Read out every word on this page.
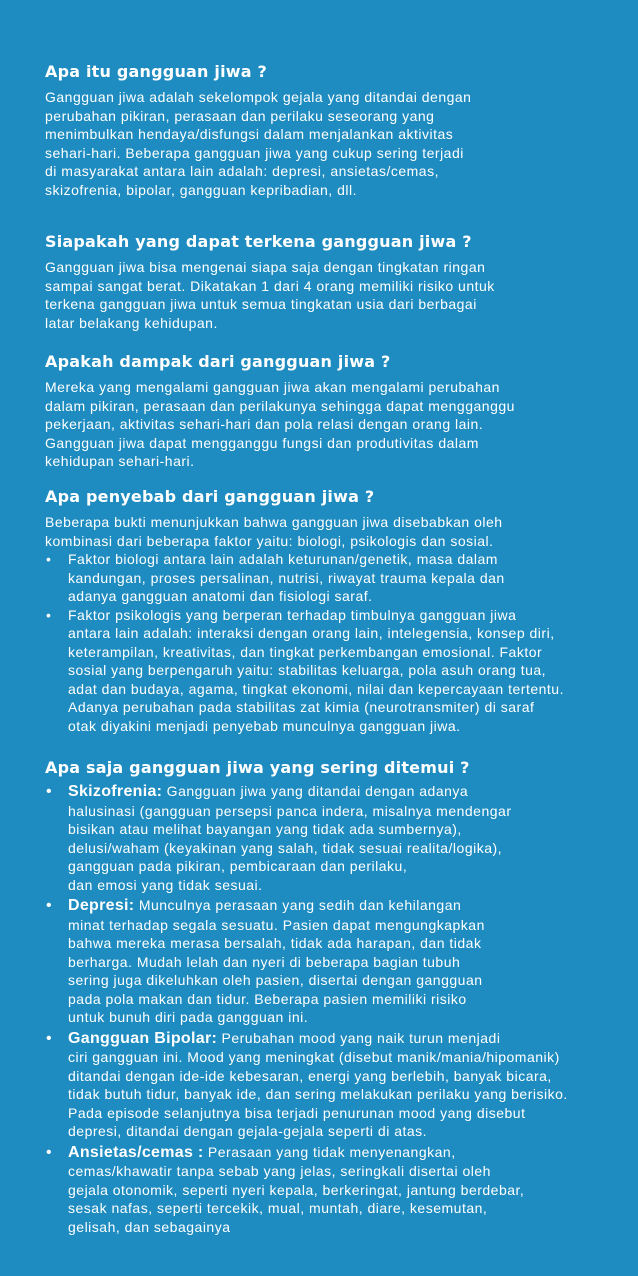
Apa itu gangguan jiwa ?

Gangguan jiwa adalah sekelompok gejala yang ditandai dengan
perubahan pikiran, perasaan dan perilaku seseorang yang
menimbulkan hendaya/disfungsi dalam menjalankan aktivitas
sehari-hari. Beberapa gangguan jiwa yang cukup sering terjadi
di masyarakat antara lain adalah: depresi, ansietas/cemas,
skizofrenia, bipolar, gangguan kepribadian, dll.

Siapakah yang dapat terkena gangguan jiwa ?

Gangguan jiwa bisa mengenai siapa saja dengan tingkatan ringan
sampai sangat berat. Dikatakan 1 dari 4 orang memiliki risiko untuk
terkena gangguan jiwa untuk semua tingkatan usia dari berbagai
latar belakang kehidupan.

Apakah dampak dari gangguan jiwa ?

Mereka yang mengalami gangguan jiwa akan mengalami perubahan
dalam pikiran, perasaan dan perilakunya sehingga dapat mengganggu
pekerjaan, aktivitas sehari-hari dan pola relasi dengan orang lain.
Gangguan jiwa dapat mengganggu fungsi dan produtivitas dalam
kehidupan sehari-hari.

Apa penyebab dari gangguan jiwa ?

Beberapa bukti menunjukkan bahwa gangguan jiwa disebabkan oleh
kombinasi dari beberapa faktor yaitu: biologi, psikologis dan sosial.

• Faktor biologi antara lain adalah keturunan/genetik, masa dalam
kandungan, proses persalinan, nutrisi, riwayat trauma kepala dan
adanya gangguan anatomi dan fisiologi saraf.
• Faktor psikologis yang berperan terhadap timbulnya gangguan jiwa
antara lain adalah: interaksi dengan orang lain, intelegensia, konsep diri,
keterampilan, kreativitas, dan tingkat perkembangan emosional. Faktor
sosial yang berpengaruh yaitu: stabilitas keluarga, pola asuh orang tua,
adat dan budaya, agama, tingkat ekonomi, nilai dan kepercayaan tertentu.
Adanya perubahan pada stabilitas zat kimia (neurotransmiter) di saraf
otak diyakini menjadi penyebab munculnya gangguan jiwa.
Apa saja gangguan jiwa yang sering ditemui ?
• Skizofrenia: Gangguan jiwa yang ditandai dengan adanya
halusinasi (gangguan persepsi panca indera, misalnya mendengar
bisikan atau melihat bayangan yang tidak ada sumbernya),
delusi/waham (keyakinan yang salah, tidak sesuai realita/logika),
gangguan pada pikiran, pembicaraan dan perilaku,
dan emosi yang tidak sesuai.
• Depresi: Munculnya perasaan yang sedih dan kehilangan
minat terhadap segala sesuatu. Pasien dapat mengungkapkan
bahwa mereka merasa bersalah, tidak ada harapan, dan tidak
berharga. Mudah lelah dan nyeri di beberapa bagian tubuh
sering juga dikeluhkan oleh pasien, disertai dengan gangguan
pada pola makan dan tidur. Beberapa pasien memiliki risiko
untuk bunuh diri pada gangguan ini.
• Gangguan Bipolar: Perubahan mood yang naik turun menjadi
ciri gangguan ini. Mood yang meningkat (disebut manik/mania/hipomanik)
ditandai dengan ide-ide kebesaran, energi yang berlebih, banyak bicara,
tidak butuh tidur, banyak ide, dan sering melakukan perilaku yang berisiko.
Pada episode selanjutnya bisa terjadi penurunan mood yang disebut
depresi, ditandai dengan gejala-gejala seperti di atas.
• Ansietas/cemas : Perasaan yang tidak menyenangkan,
cemas/khawatir tanpa sebab yang jelas, seringkali disertai oleh
gejala otonomik, seperti nyeri kepala, berkeringat, jantung berdebar,
sesak nafas, seperti tercekik, mual, muntah, diare, kesemutan,
gelisah, dan sebagainya
